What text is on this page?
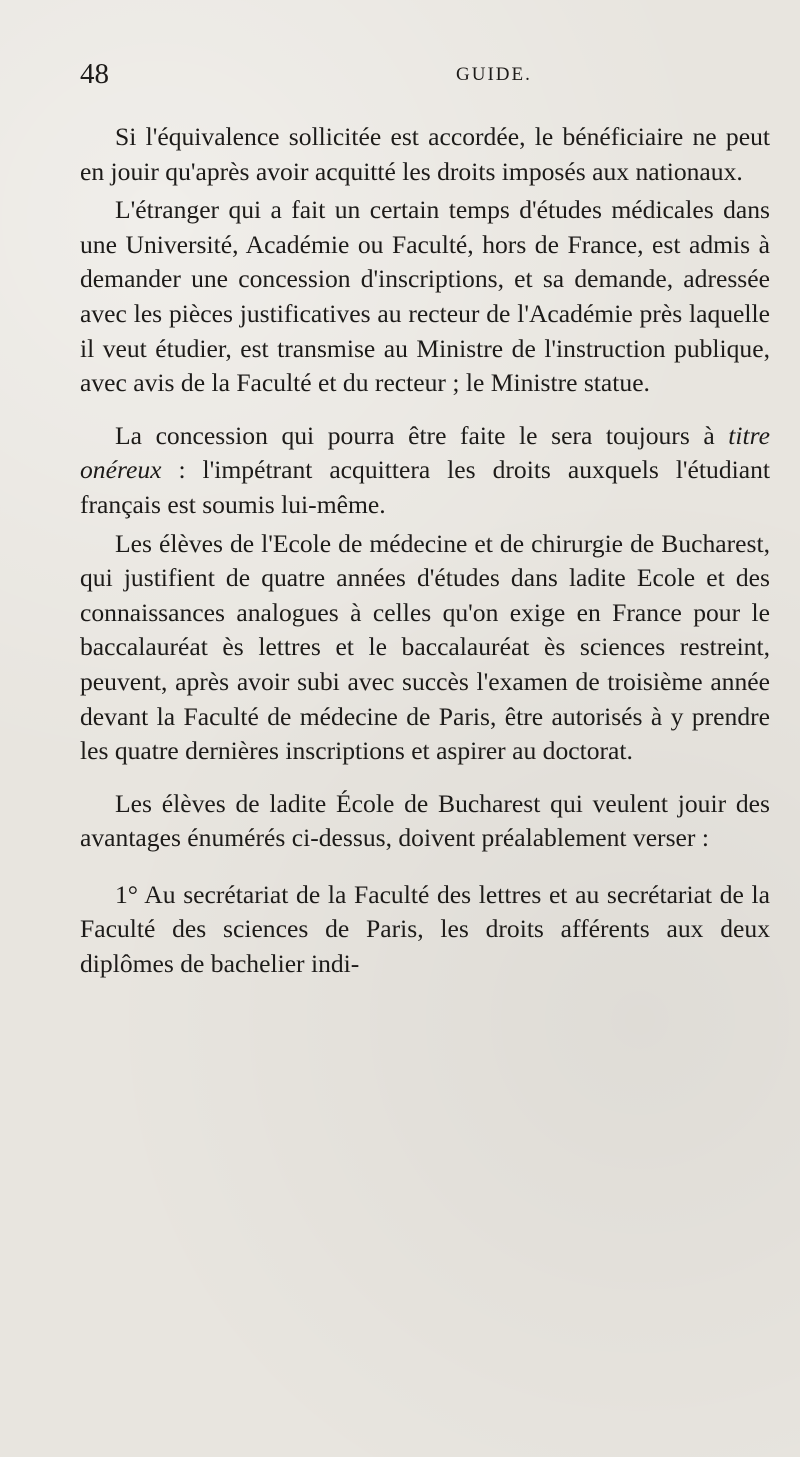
48	GUIDE.

Si l'équivalence sollicitée est accordée, le bénéficiaire ne peut en jouir qu'après avoir acquitté les droits imposés aux nationaux.

L'étranger qui a fait un certain temps d'études médicales dans une Université, Académie ou Faculté, hors de France, est admis à demander une concession d'inscriptions, et sa demande, adressée avec les pièces justificatives au recteur de l'Académie près laquelle il veut étudier, est transmise au Ministre de l'instruction publique, avec avis de la Faculté et du recteur ; le Ministre statue.

La concession qui pourra être faite le sera toujours à titre onéreux : l'impétrant acquittera les droits auxquels l'étudiant français est soumis lui-même.

Les élèves de l'Ecole de médecine et de chirurgie de Bucharest, qui justifient de quatre années d'études dans ladite Ecole et des connaissances analogues à celles qu'on exige en France pour le baccalauréat ès lettres et le baccalauréat ès sciences restreint, peuvent, après avoir subi avec succès l'examen de troisième année devant la Faculté de médecine de Paris, être autorisés à y prendre les quatre dernières inscriptions et aspirer au doctorat.

Les élèves de ladite École de Bucharest qui veulent jouir des avantages énumérés ci-dessus, doivent préalablement verser :

1° Au secrétariat de la Faculté des lettres et au secrétariat de la Faculté des sciences de Paris, les droits afférents aux deux diplômes de bachelier indi-
